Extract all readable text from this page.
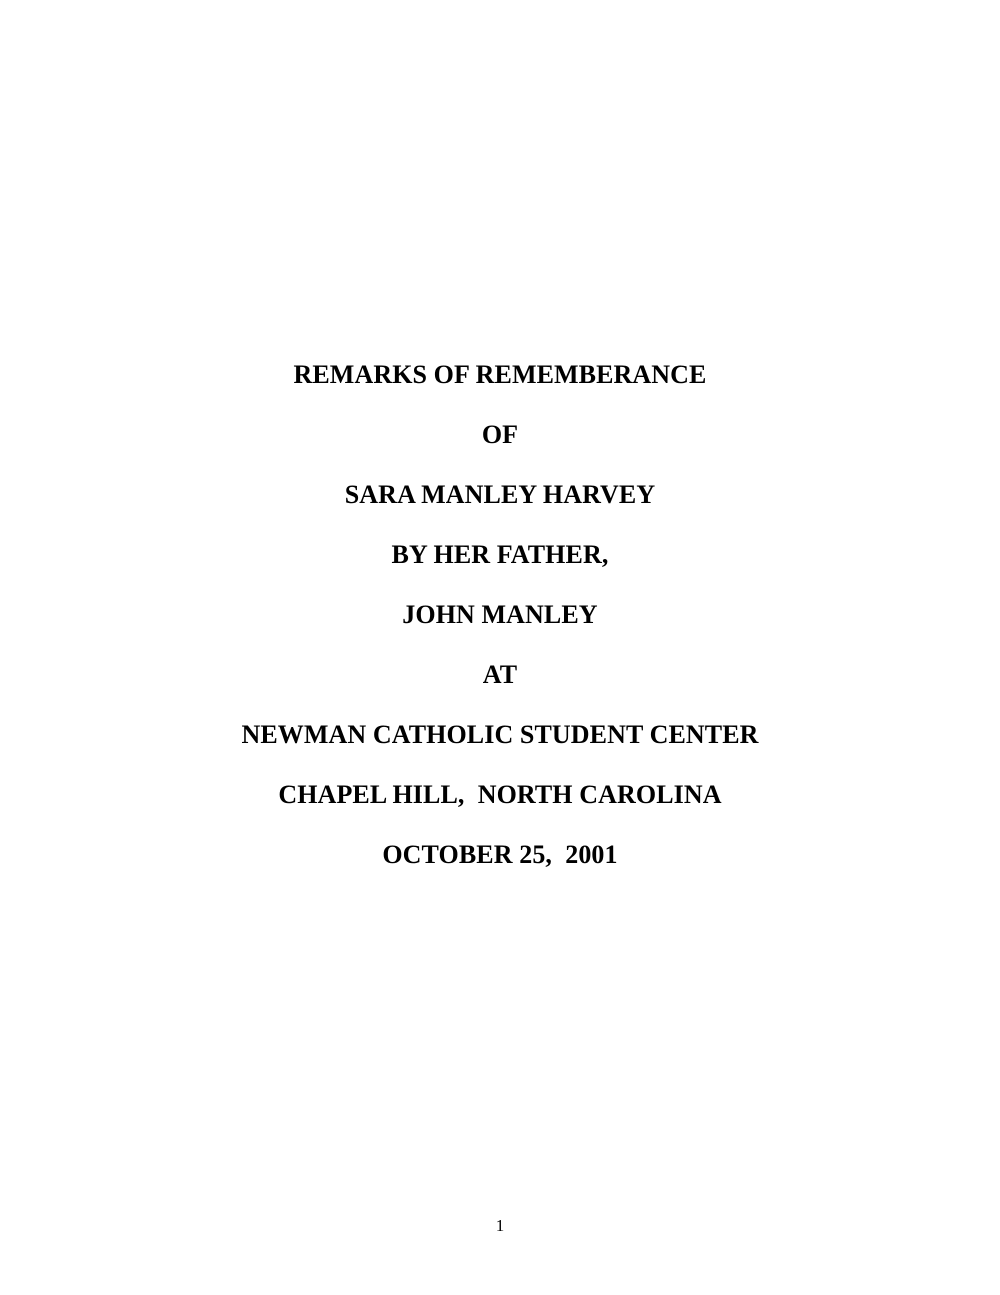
REMARKS OF REMEMBERANCE
OF
SARA MANLEY HARVEY
BY HER FATHER,
JOHN MANLEY
AT
NEWMAN CATHOLIC STUDENT CENTER
CHAPEL HILL,  NORTH CAROLINA
OCTOBER 25,  2001
1
